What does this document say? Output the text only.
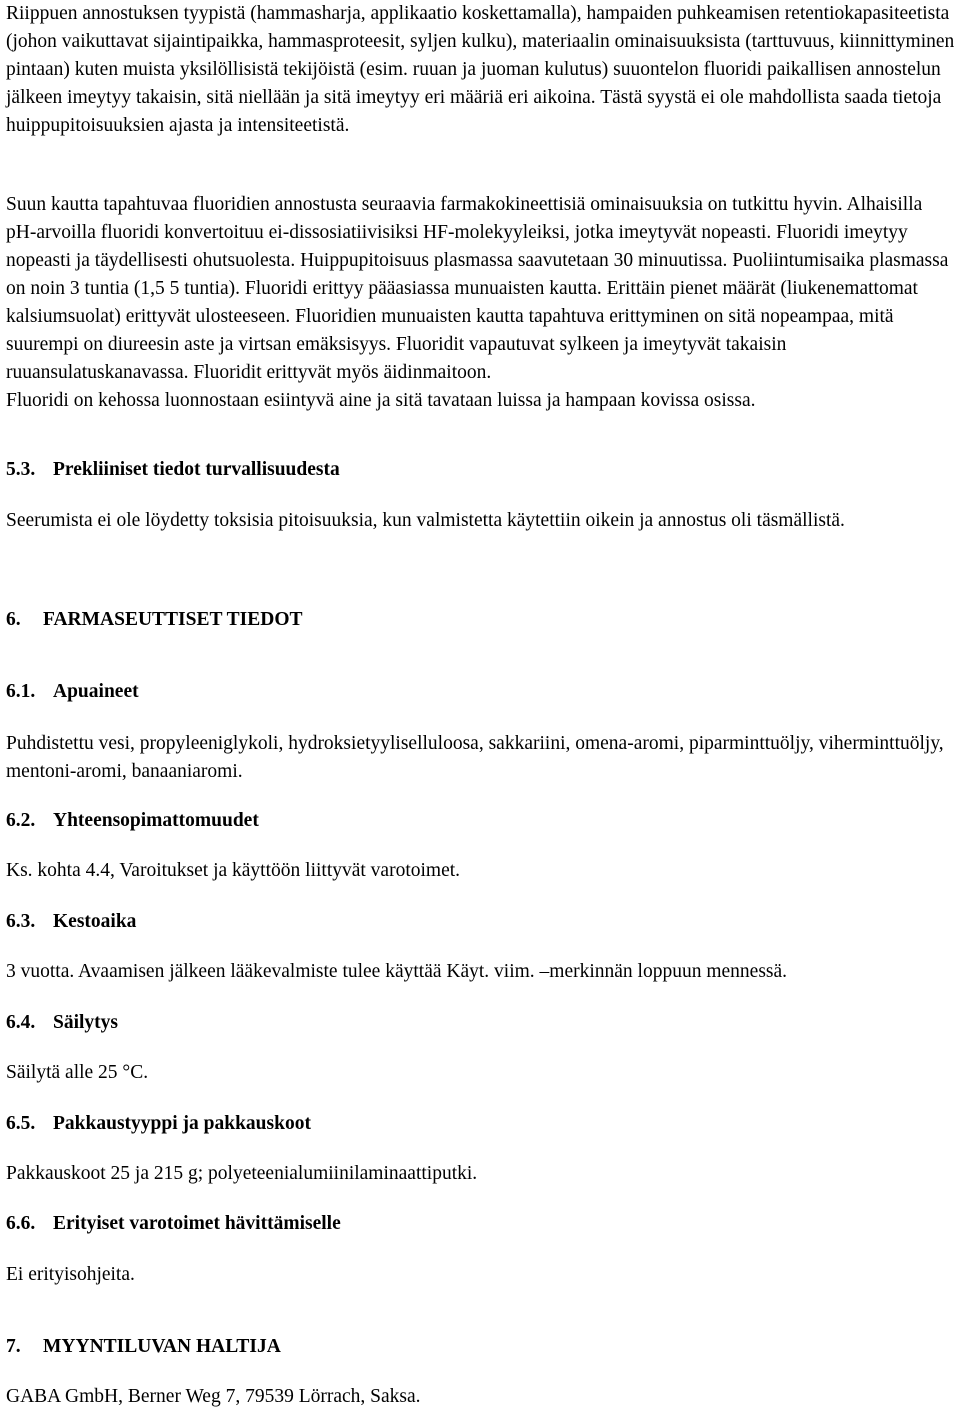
Riippuen annostuksen tyypistä (hammasharja, applikaatio koskettamalla), hampaiden puhkeamisen retentiokapasiteetista (johon vaikuttavat sijaintipaikka, hammasproteesit, syljen kulku), materiaalin ominaisuuksista (tarttuvuus, kiinnittyminen pintaan) kuten muista yksilöllisistä tekijöistä (esim. ruuan ja juoman kulutus) suuontelon fluoridi paikallisen annostelun jälkeen imeytyy takaisin, sitä niellään ja sitä imeytyy eri määriä eri aikoina. Tästä syystä ei ole mahdollista saada tietoja huippupitoisuuksien ajasta ja intensiteetistä.

Suun kautta tapahtuvaa fluoridien annostusta seuraavia farmakokineettisiä ominaisuuksia on tutkittu hyvin. Alhaisilla pH-arvoilla fluoridi konvertoituu ei-dissosiatiivisiksi HF-molekyyleiksi, jotka imeytyvät nopeasti. Fluoridi imeytyy nopeasti ja täydellisesti ohutsuolesta. Huippupitoisuus plasmassa saavutetaan 30 minuutissa. Puoliintumisaika plasmassa on noin 3 tuntia (1,5 5 tuntia). Fluoridi erittyy pääasiassa munuaisten kautta. Erittäin pienet määrät (liukenemattomat kalsiumsuolat) erittyvät ulosteeseen. Fluoridien munuaisten kautta tapahtuva erittyminen on sitä nopeampaa, mitä suurempi on diureesin aste ja virtsan emäksisyys. Fluoridit vapautuvat sylkeen ja imeytyvät takaisin ruuansulatuskanavassa. Fluoridit erittyvät myös äidinmaitoon.

Fluoridi on kehossa luonnostaan esiintyvä aine ja sitä tavataan luissa ja hampaan kovissa osissa.

5.3. Prekliiniset tiedot turvallisuudesta

Seerumista ei ole löydetty toksisia pitoisuuksia, kun valmistetta käytettiin oikein ja annostus oli täsmällistä.

6. FARMASEUTTISET TIEDOT

6.1. Apuaineet

Puhdistettu vesi, propyleeniglykoli, hydroksietyyliselluloosa, sakkariini, omena-aromi, piparminttuöljy, viherminttuöljy, mentoni-aromi, banaaniaromi.

6.2. Yhteensopimattomuudet

Ks. kohta 4.4, Varoitukset ja käyttöön liittyvät varotoimet.

6.3. Kestoaika

3 vuotta. Avaamisen jälkeen lääkevalmiste tulee käyttää Käyt. viim. –merkinnän loppuun mennessä.

6.4. Säilytys

Säilytä alle 25 °C.

6.5. Pakkaustyyppi ja pakkauskoot

Pakkauskoot 25 ja 215 g; polyeteenialumiinilaminaattiputki.

6.6. Erityiset varotoimet hävittämiselle

Ei erityisohjeita.

7. MYYNTILUVAN HALTIJA

GABA GmbH, Berner Weg 7, 79539 Lörrach, Saksa.
